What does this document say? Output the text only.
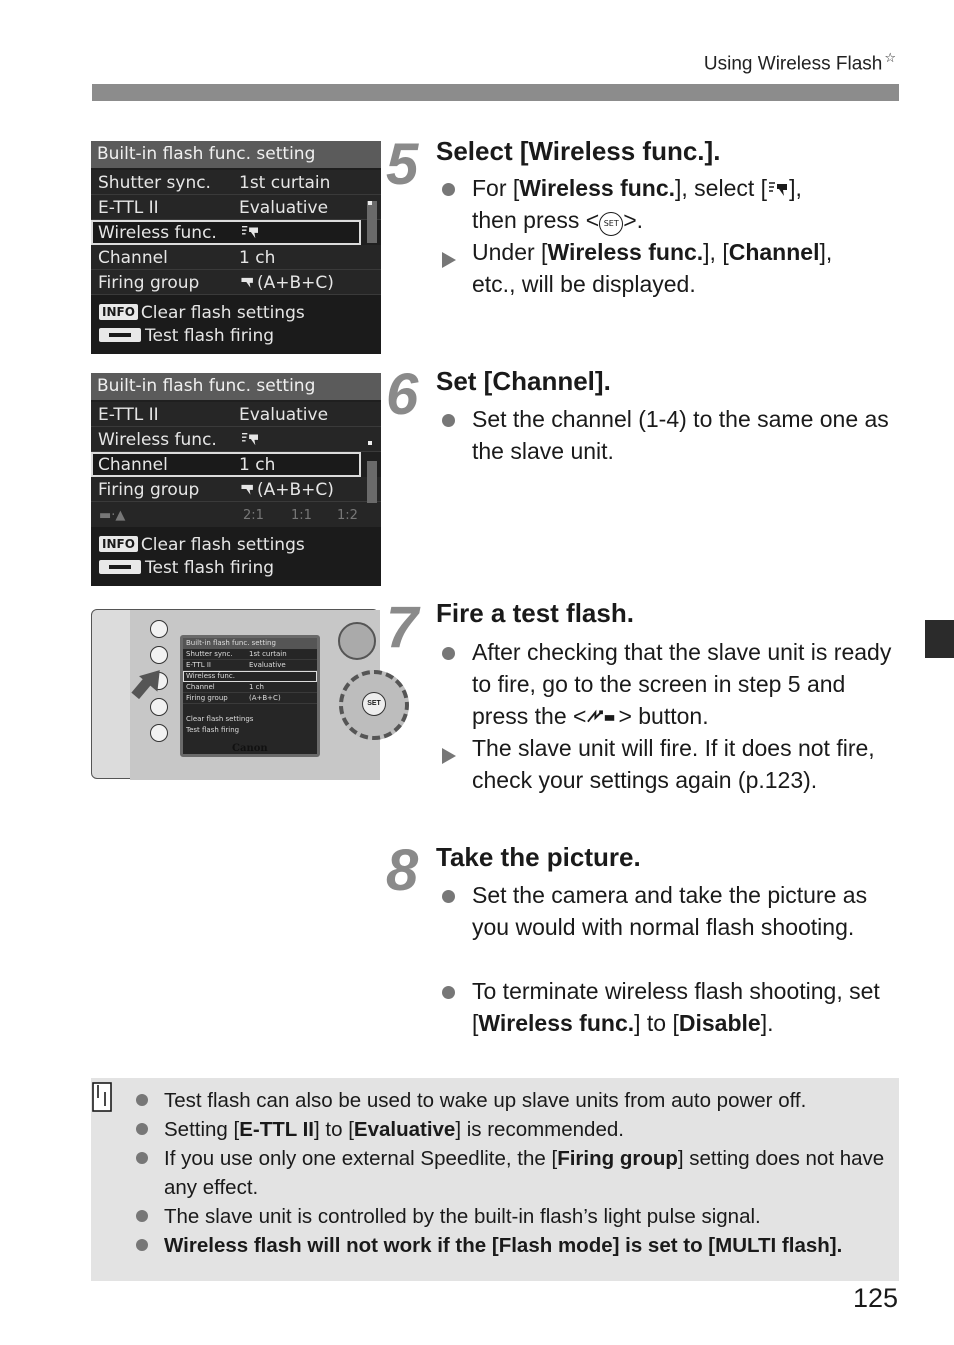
Using Wireless Flash ☆
Built-in flash func. setting
Shutter sync. 1st curtain
E-TTL II	Evaluative
Wireless func.
Channel	1 ch
Firing group	(A+B+C)
INFO Clear flash settings
Test flash firing
Built-in flash func. setting
E-TTL II	Evaluative
Wireless func.
Channel	1 ch
Firing group	(A+B+C)
▬·▲	2:1 1:1 1:2
INFO Clear flash settings
Test flash firing
SET
Built-in flash func. setting
Shutter sync. 1st curtain
E-TTL II	Evaluative
Wireless func.
Channel	1 ch
Firing group	(A+B+C)
Clear flash settings
Test flash firing
Canon
5 Select [Wireless func.].
For [Wireless func.], select [ ],
then press < SET >.
Under [Wireless func.], [Channel],
etc., will be displayed.
6 Set [Channel].
Set the channel (1-4) to the same one as the slave unit.
7 Fire a test flash.
After checking that the slave unit is ready to fire, go to the screen in step 5 and press the < > button.
The slave unit will fire. If it does not fire, check your settings again (p.123).
8 Take the picture.
Set the camera and take the picture as you would with normal flash shooting.
To terminate wireless flash shooting, set [Wireless func.] to [Disable].
Test flash can also be used to wake up slave units from auto power off.
Setting [E-TTL II] to [Evaluative] is recommended.
If you use only one external Speedlite, the [Firing group] setting does not have any effect.
The slave unit is controlled by the built-in flash’s light pulse signal.
Wireless flash will not work if the [Flash mode] is set to [MULTI flash].
125
